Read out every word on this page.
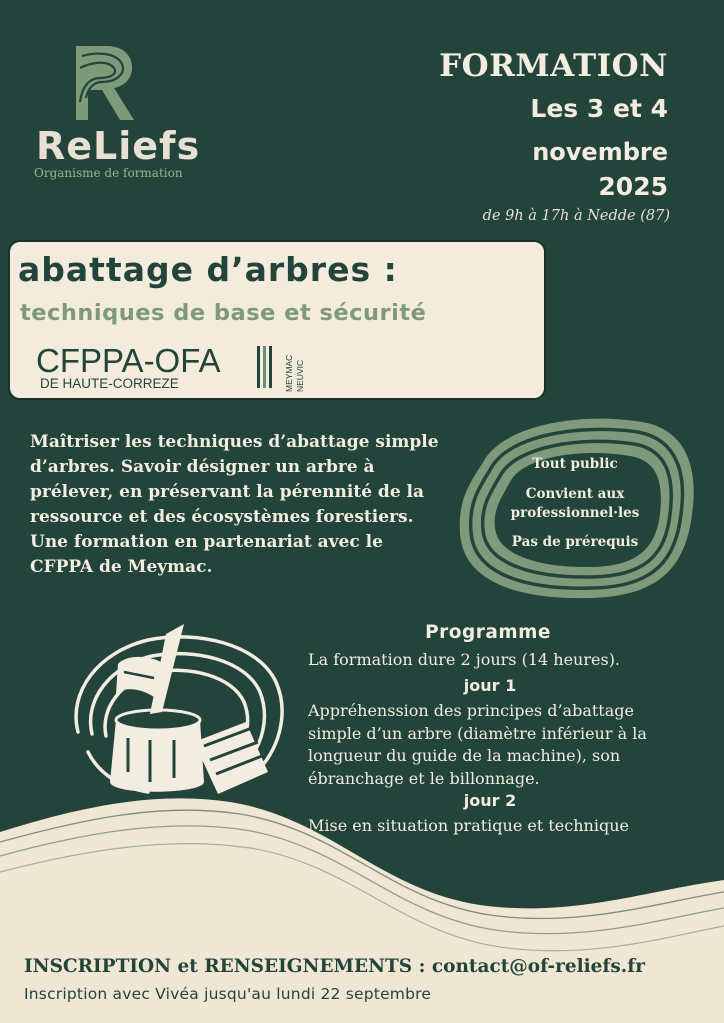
ReLiefs
Organisme de formation
FORMATION
Les 3 et 4
novembre
2025
de 9h à 17h à Nedde (87)
abattage d’arbres :
techniques de base et sécurité
CFPPA-OFA
DE HAUTE-CORREZE	MEYMAC NEUVIC

Maîtriser les techniques d’abattage simple d’arbres. Savoir désigner un arbre à prélever, en préservant la pérennité de la ressource et des écosystèmes forestiers.

Une formation en partenariat avec le CFPPA de Meymac.

Tout public
Convient aux professionnel·les
Pas de prérequis
Programme
La formation dure 2 jours (14 heures).
jour 1
Appréhenssion des principes d’abattage simple d’un arbre (diamètre inférieur à la longueur du guide de la machine), son ébranchage et le billonnage.
jour 2
Mise en situation pratique et technique
INSCRIPTION et RENSEIGNEMENTS : contact@of-reliefs.fr
Inscription avec Vivéa jusqu'au lundi 22 septembre
